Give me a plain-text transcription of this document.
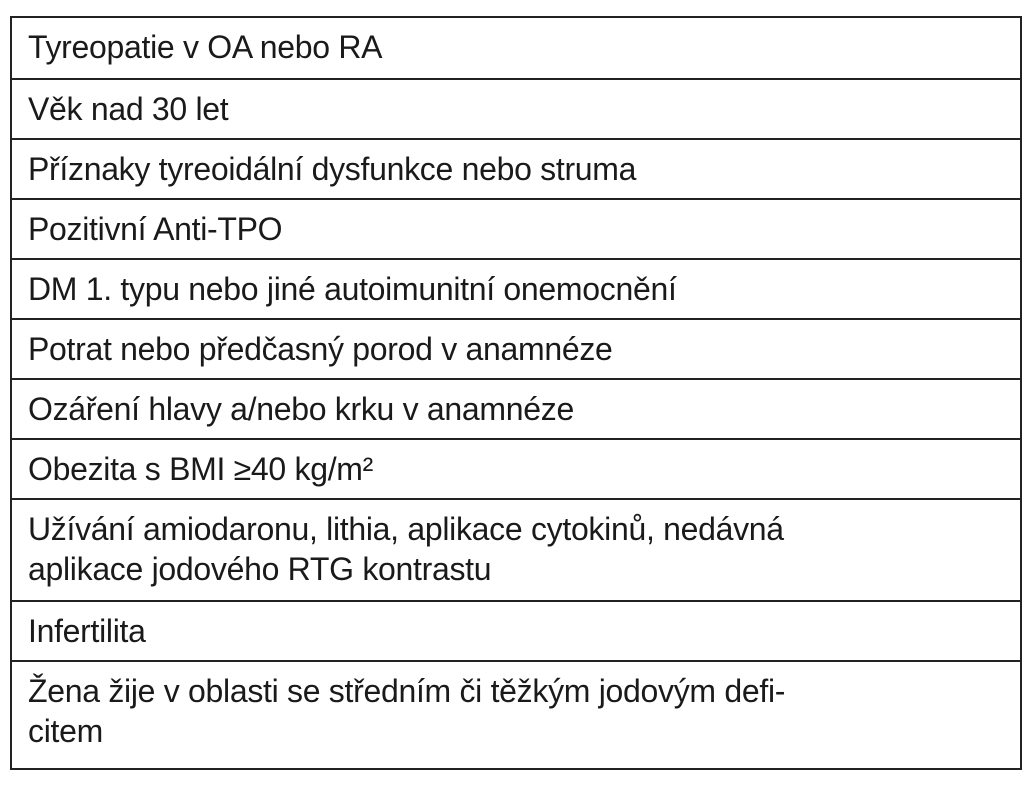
Tyreopatie v OA nebo RA
Věk nad 30 let
Příznaky tyreoidální dysfunkce nebo struma
Pozitivní Anti-TPO
DM 1. typu nebo jiné autoimunitní onemocnění
Potrat nebo předčasný porod v anamnéze
Ozáření hlavy a/nebo krku v anamnéze
Obezita s BMI ≥40 kg/m²
Užívání amiodaronu, lithia, aplikace cytokinů, nedávná
aplikace jodového RTG kontrastu
Infertilita
Žena žije v oblasti se středním či těžkým jodovým defi-
citem
